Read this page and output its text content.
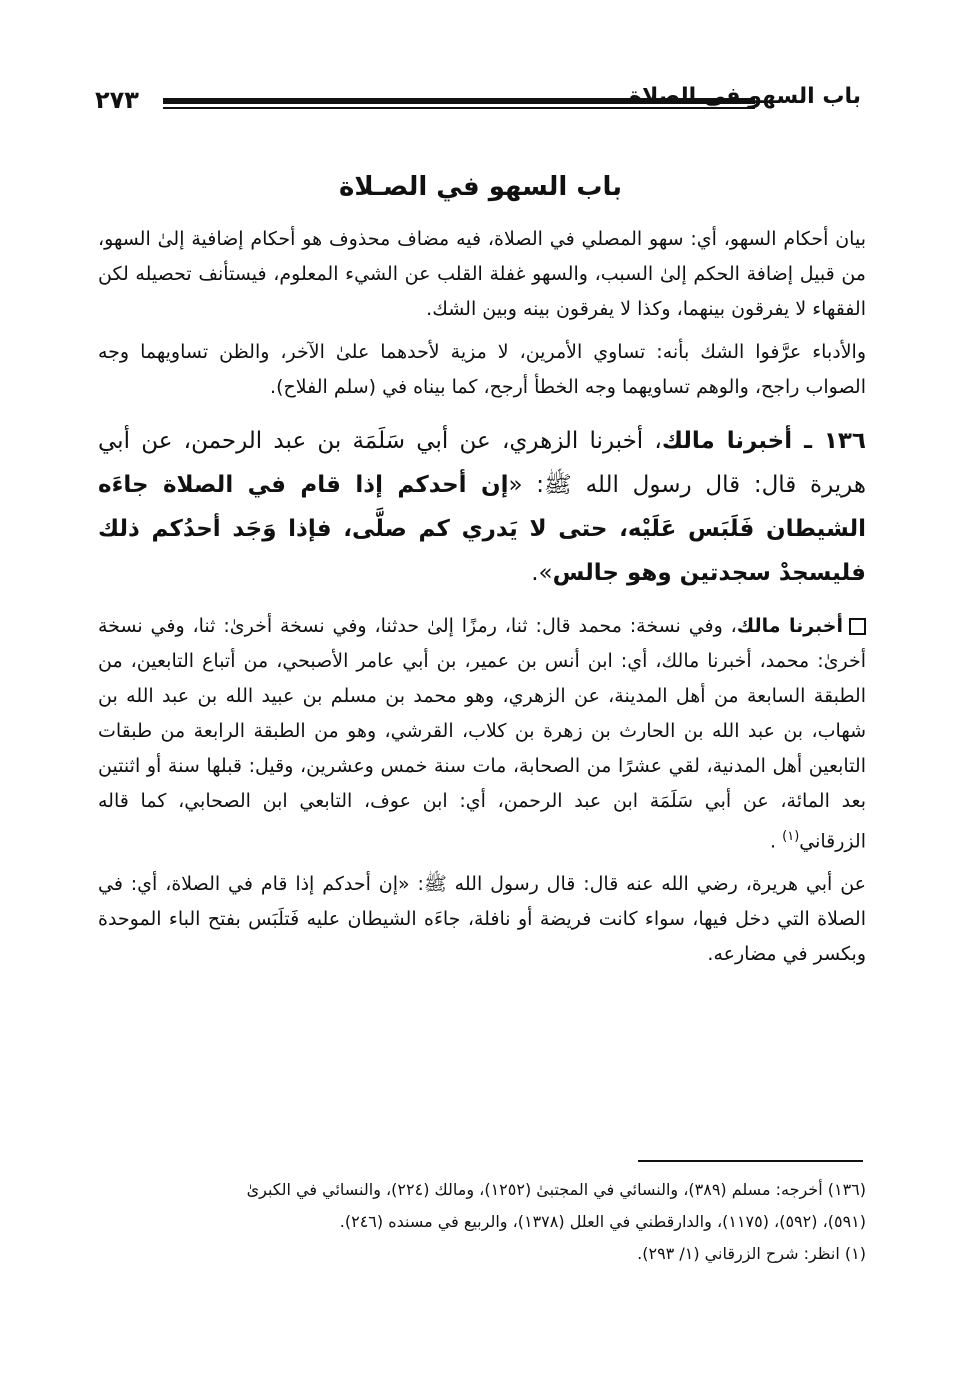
٢٧٣	باب السهو في الصلاة
باب السهو في الصـلاة

بيان أحكام السهو، أي: سهو المصلي في الصلاة، فيه مضاف محذوف هو أحكام إضافية إلىٰ السهو، من قبيل إضافة الحكم إلىٰ السبب، والسهو غفلة القلب عن الشيء المعلوم، فيستأنف تحصيله لكن الفقهاء لا يفرقون بينهما، وكذا لا يفرقون بينه وبين الشك.

والأدباء عرَّفوا الشك بأنه: تساوي الأمرين، لا مزية لأحدهما علىٰ الآخر، والظن تساويهما وجه الصواب راجح، والوهم تساويهما وجه الخطأ أرجح، كما بيناه في (سلم الفلاح).

١٣٦ ـ أخبرنا مالك، أخبرنا الزهري، عن أبي سَلَمَة بن عبد الرحمن، عن أبي هريرة قال: قال رسول الله ﷺ: «إن أحدكم إذا قام في الصلاة جاءَه الشيطان فَلَبَس عَلَيْه، حتى لا يَدري كم صلَّى، فإذا وَجَد أحدُكم ذلك فليسجدْ سجدتين وهو جالس».

أخبرنا مالك، وفي نسخة: محمد قال: ثنا، رمزًا إلىٰ حدثنا، وفي نسخة أخرىٰ: ثنا، وفي نسخة أخرىٰ: محمد، أخبرنا مالك، أي: ابن أنس بن عمير، بن أبي عامر الأصبحي، من أتباع التابعين، من الطبقة السابعة من أهل المدينة، عن الزهري، وهو محمد بن مسلم بن عبيد الله بن عبد الله بن شهاب، بن عبد الله بن الحارث بن زهرة بن كلاب، القرشي، وهو من الطبقة الرابعة من طبقات التابعين أهل المدنية، لقي عشرًا من الصحابة، مات سنة خمس وعشرين، وقيل: قبلها سنة أو اثنتين بعد المائة، عن أبي سَلَمَة ابن عبد الرحمن، أي: ابن عوف، التابعي ابن الصحابي، كما قاله الزرقاني$^{(١)}$ .

عن أبي هريرة، رضي الله عنه قال: قال رسول الله ﷺ: «إن أحدكم إذا قام في الصلاة، أي: في الصلاة التي دخل فيها، سواء كانت فريضة أو نافلة، جاءَه الشيطان عليه فَتلَبَس بفتح الباء الموحدة وبكسر في مضارعه.

(١٣٦) أخرجه: مسلم (٣٨٩)، والنسائي في المجتبىٰ (١٢٥٢)، ومالك (٢٢٤)، والنسائي في الكبرىٰ

(٥٩١)، (٥٩٢)، (١١٧٥)، والدارقطني في العلل (١٣٧٨)، والربيع في مسنده (٢٤٦).

(١) انظر: شرح الزرقاني (١/ ٢٩٣).
